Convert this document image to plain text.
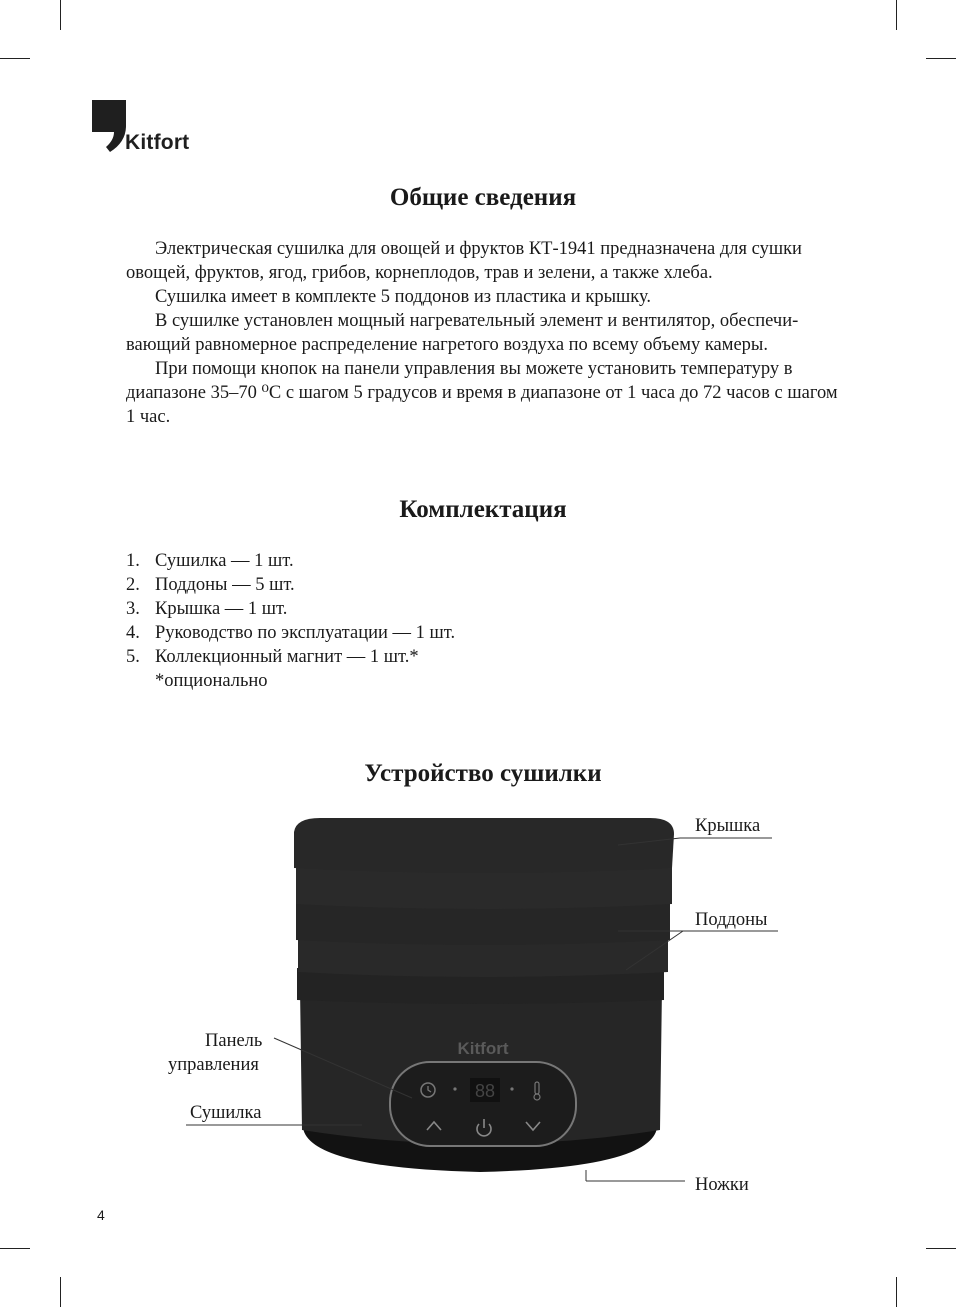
Kitfort
Общие сведения

Электрическая сушилка для овощей и фруктов КТ-1941 предназначена для сушки овощей, фруктов, ягод, грибов, корнеплодов, трав и зелени, а также хлеба.

Сушилка имеет в комплекте 5 поддонов из пластика и крышку.

В сушилке установлен мощный нагревательный элемент и вентилятор, обеспечивающий равномерное распределение нагретого воздуха по всему объему камеры.

При помощи кнопок на панели управления вы можете установить температуру в диапазоне 35–70 ⁰С с шагом 5 градусов и время в диапазоне от 1 часа до 72 часов с шагом 1 час.

Комплектация
1. Сушилка — 1 шт.
2. Поддоны — 5 шт.
3. Крышка — 1 шт.
4. Руководство по эксплуатации — 1 шт.
5. Коллекционный магнит — 1 шт.*
*опционально
Устройство сушилки
88
Kitfort
Крышка
Поддоны
Панель
управления
Сушилка
Ножки
4
